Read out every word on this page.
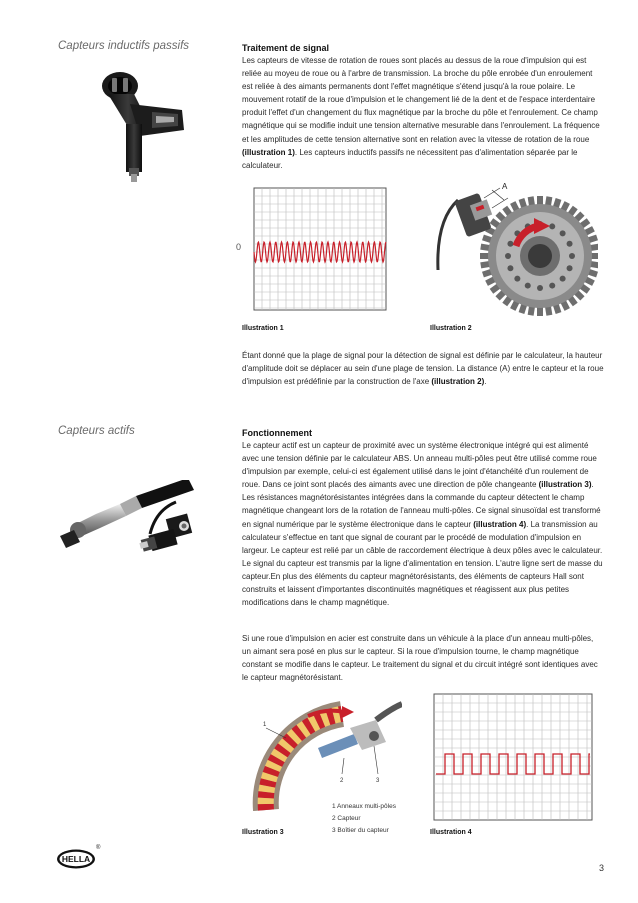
Capteurs inductifs passifs	Traitement de signal
Les capteurs de vitesse de rotation de roues sont placés au dessus de la roue d'impulsion qui est reliée au moyeu de roue ou à l'arbre de transmission. La broche du pôle enrobée d'un enroulement est reliée à des aimants permanents dont l'effet magnétique s'étend jusqu'à la roue polaire. Le mouvement rotatif de la roue d'impulsion et le changement lié de la dent et de l'espace interdentaire produit l'effet d'un changement du flux magnétique par la broche du pôle et l'enroulement. Ce champ magnétique qui se modifie induit une tension alternative mesurable dans l'enroulement. La fréquence et les amplitudes de cette tension alternative sont en relation avec la vitesse de rotation de la roue (illustration 1). Les capteurs inductifs passifs ne nécessitent pas d'alimentation séparée par le calculateur.
0
Illustration 1
A
Illustration 2
Étant donné que la plage de signal pour la détection de signal est définie par le calculateur, la hauteur d'amplitude doit se déplacer au sein d'une plage de tension. La distance (A) entre le capteur et la roue d'impulsion est prédéfinie par la construction de l'axe (illustration 2).
Capteurs actifs	Fonctionnement
Le capteur actif est un capteur de proximité avec un système électronique intégré qui est alimenté avec une tension définie par le calculateur ABS. Un anneau multi-pôles peut être utilisé comme roue d'impulsion par exemple, celui-ci est également utilisé dans le joint d'étanchéité d'un roulement de roue. Dans ce joint sont placés des aimants avec une direction de pôle changeante (illustration 3). Les résistances magnétorésistantes intégrées dans la commande du capteur détectent le champ magnétique changeant lors de la rotation de l'anneau multi-pôles. Ce signal sinusoïdal est transformé en signal numérique par le système électronique dans le capteur (illustration 4). La transmission au calculateur s'effectue en tant que signal de courant par le procédé de modulation d'impulsion en largeur. Le capteur est relié par un câble de raccordement électrique à deux pôles avec le calculateur. Le signal du capteur est transmis par la ligne d'alimentation en tension. L'autre ligne sert de masse du capteur.En plus des éléments du capteur magnétorésistants, des éléments de capteurs Hall sont construits et laissent d'importantes discontinuités magnétiques et réagissent aux plus petites modifications dans le champ magnétique.
Si une roue d'impulsion en acier est construite dans un véhicule à la place d'un anneau multi-pôles, un aimant sera posé en plus sur le capteur. Si la roue d'impulsion tourne, le champ magnétique constant se modifie dans le capteur. Le traitement du signal et du circuit intégré sont identiques avec le capteur magnétorésistant.
1
2	3
1 Anneaux multi-pôles
2 Capteur
3 Boîtier du capteur
Illustration 3	Illustration 4
HELLA
®
3
